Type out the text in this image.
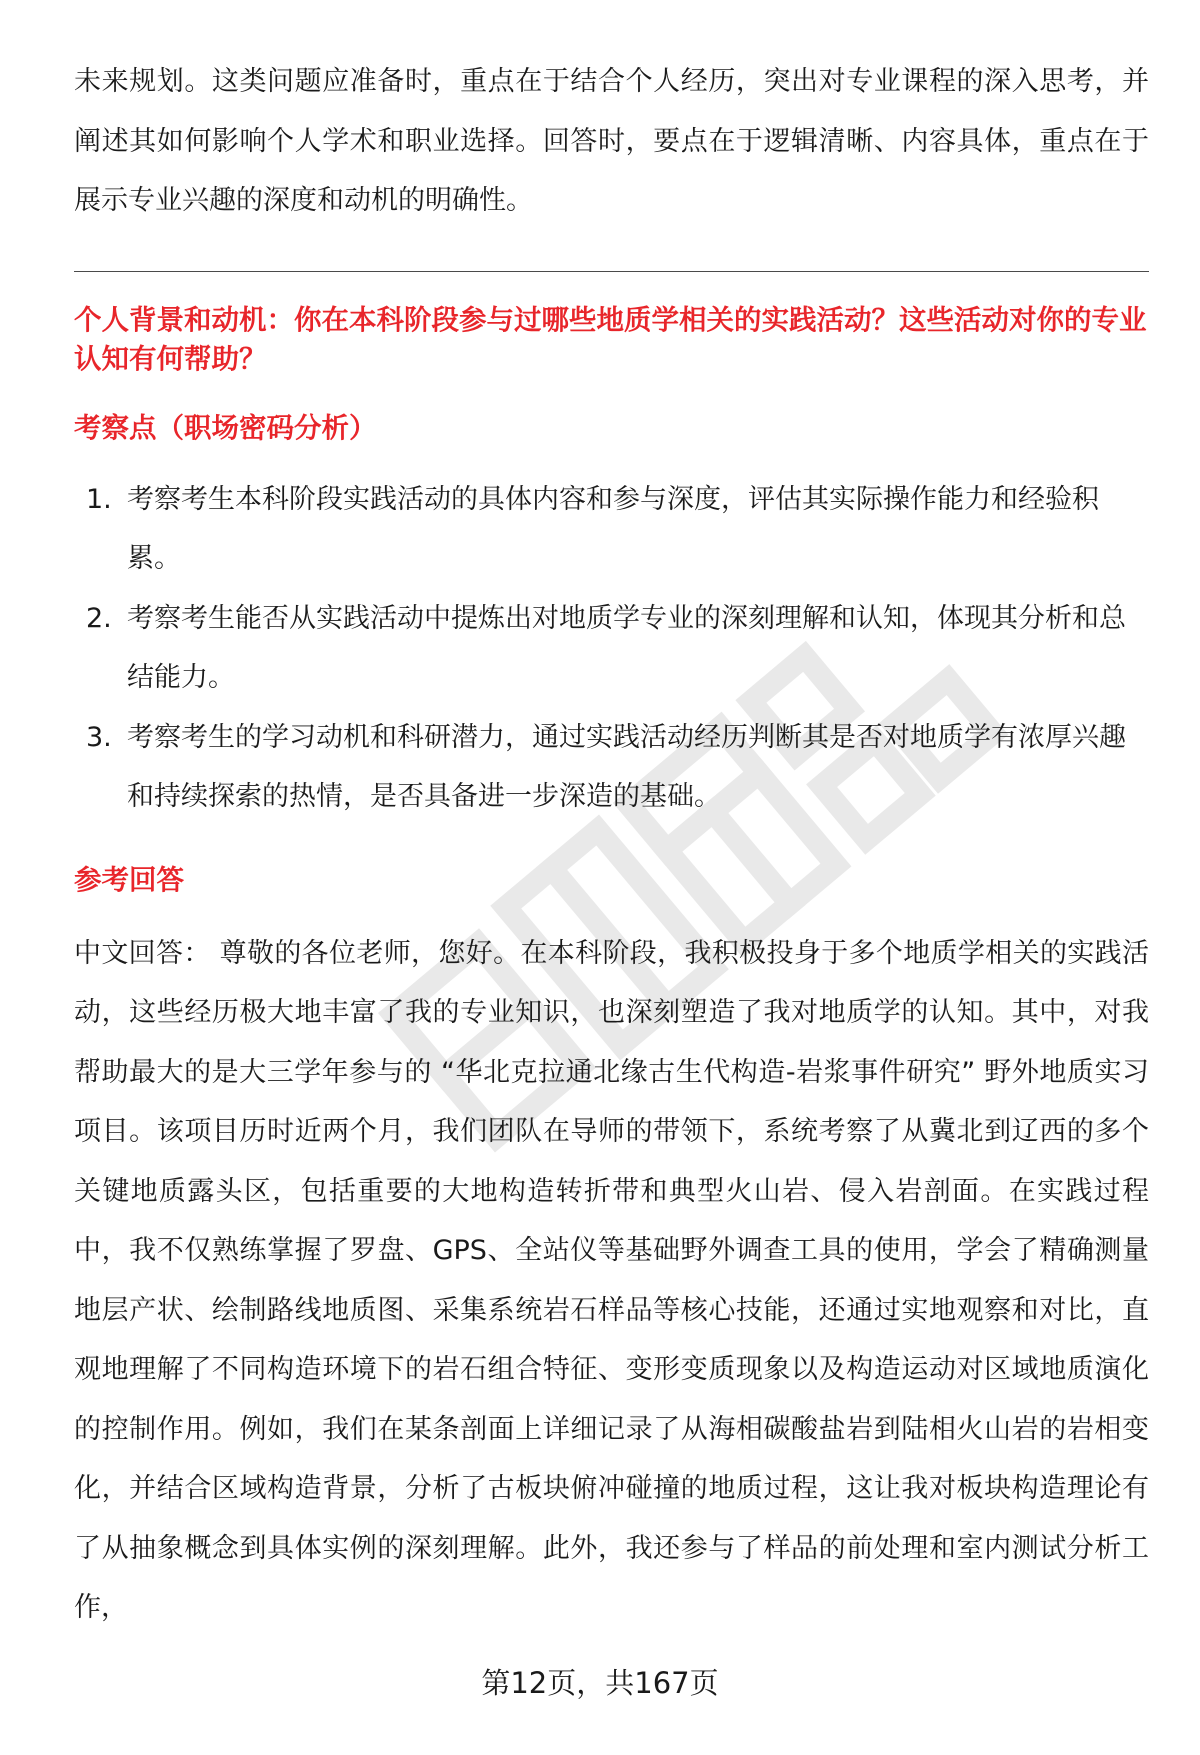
未来规划。这类问题应准备时，重点在于结合个人经历，突出对专业课程的深入思考，并阐述其如何影响个人学术和职业选择。回答时，要点在于逻辑清晰、内容具体，重点在于展示专业兴趣的深度和动机的明确性。

个人背景和动机：你在本科阶段参与过哪些地质学相关的实践活动？这些活动对你的专业认知有何帮助？

考察点（职场密码分析）

1. 考察考生本科阶段实践活动的具体内容和参与深度，评估其实际操作能力和经验积累。
2. 考察考生能否从实践活动中提炼出对地质学专业的深刻理解和认知，体现其分析和总结能力。
3. 考察考生的学习动机和科研潜力，通过实践活动经历判断其是否对地质学有浓厚兴趣和持续探索的热情，是否具备进一步深造的基础。

参考回答

中文回答： 尊敬的各位老师，您好。在本科阶段，我积极投身于多个地质学相关的实践活动，这些经历极大地丰富了我的专业知识，也深刻塑造了我对地质学的认知。其中，对我帮助最大的是大三学年参与的 “华北克拉通北缘古生代构造-岩浆事件研究” 野外地质实习项目。该项目历时近两个月，我们团队在导师的带领下，系统考察了从冀北到辽西的多个关键地质露头区，包括重要的大地构造转折带和典型火山岩、侵入岩剖面。在实践过程中，我不仅熟练掌握了罗盘、GPS、全站仪等基础野外调查工具的使用，学会了精确测量地层产状、绘制路线地质图、采集系统岩石样品等核心技能，还通过实地观察和对比，直观地理解了不同构造环境下的岩石组合特征、变形变质现象以及构造运动对区域地质演化的控制作用。例如，我们在某条剖面上详细记录了从海相碳酸盐岩到陆相火山岩的岩相变化，并结合区域构造背景，分析了古板块俯冲碰撞的地质过程，这让我对板块构造理论有了从抽象概念到具体实例的深刻理解。此外，我还参与了样品的前处理和室内测试分析工作，

第12页，共167页
